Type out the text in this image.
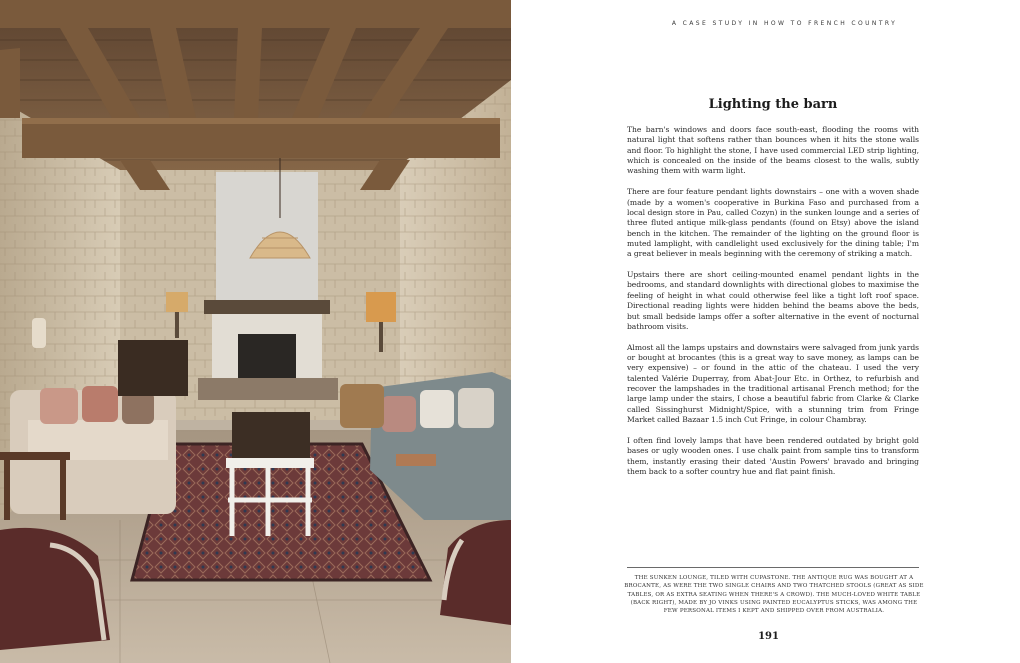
A CASE STUDY IN HOW TO FRENCH COUNTRY
Lighting the barn

The barn's windows and doors face south-east, flooding the rooms with natural light that softens rather than bounces when it hits the stone walls and floor. To highlight the stone, I have used commercial LED strip lighting, which is concealed on the inside of the beams closest to the walls, subtly washing them with warm light.

There are four feature pendant lights downstairs – one with a woven shade (made by a women's cooperative in Burkina Faso and purchased from a local design store in Pau, called Cozyn) in the sunken lounge and a series of three fluted antique milk-glass pendants (found on Etsy) above the island bench in the kitchen. The remainder of the lighting on the ground floor is muted lamplight, with candlelight used exclusively for the dining table; I'm a great believer in meals beginning with the ceremony of striking a match.

Upstairs there are short ceiling-mounted enamel pendant lights in the bedrooms, and standard downlights with directional globes to maximise the feeling of height in what could otherwise feel like a tight loft roof space. Directional reading lights were hidden behind the beams above the beds, but small bedside lamps offer a softer alternative in the event of nocturnal bathroom visits.

Almost all the lamps upstairs and downstairs were salvaged from junk yards or bought at brocantes (this is a great way to save money, as lamps can be very expensive) – or found in the attic of the chateau. I used the very talented Valérie Duperray, from Abat-Jour Etc. in Orthez, to refurbish and recover the lampshades in the traditional artisanal French method; for the large lamp under the stairs, I chose a beautiful fabric from Clarke & Clarke called Sissinghurst Midnight/Spice, with a stunning trim from Fringe Market called Bazaar 1.5 inch Cut Fringe, in colour Chambray.

I often find lovely lamps that have been rendered outdated by bright gold bases or ugly wooden ones. I use chalk paint from sample tins to transform them, instantly erasing their dated 'Austin Powers' bravado and bringing them back to a softer country hue and flat paint finish.

THE SUNKEN LOUNGE, TILED WITH CUPASTONE. THE ANTIQUE RUG WAS BOUGHT AT A BROCANTE, AS WERE THE TWO SINGLE CHAIRS AND TWO THATCHED STOOLS (GREAT AS SIDE TABLES, OR AS EXTRA SEATING WHEN THERE'S A CROWD). THE MUCH-LOVED WHITE TABLE (BACK RIGHT), MADE BY JO VINKS USING PAINTED EUCALYPTUS STICKS, WAS AMONG THE FEW PERSONAL ITEMS I KEPT AND SHIPPED OVER FROM AUSTRALIA.

191
